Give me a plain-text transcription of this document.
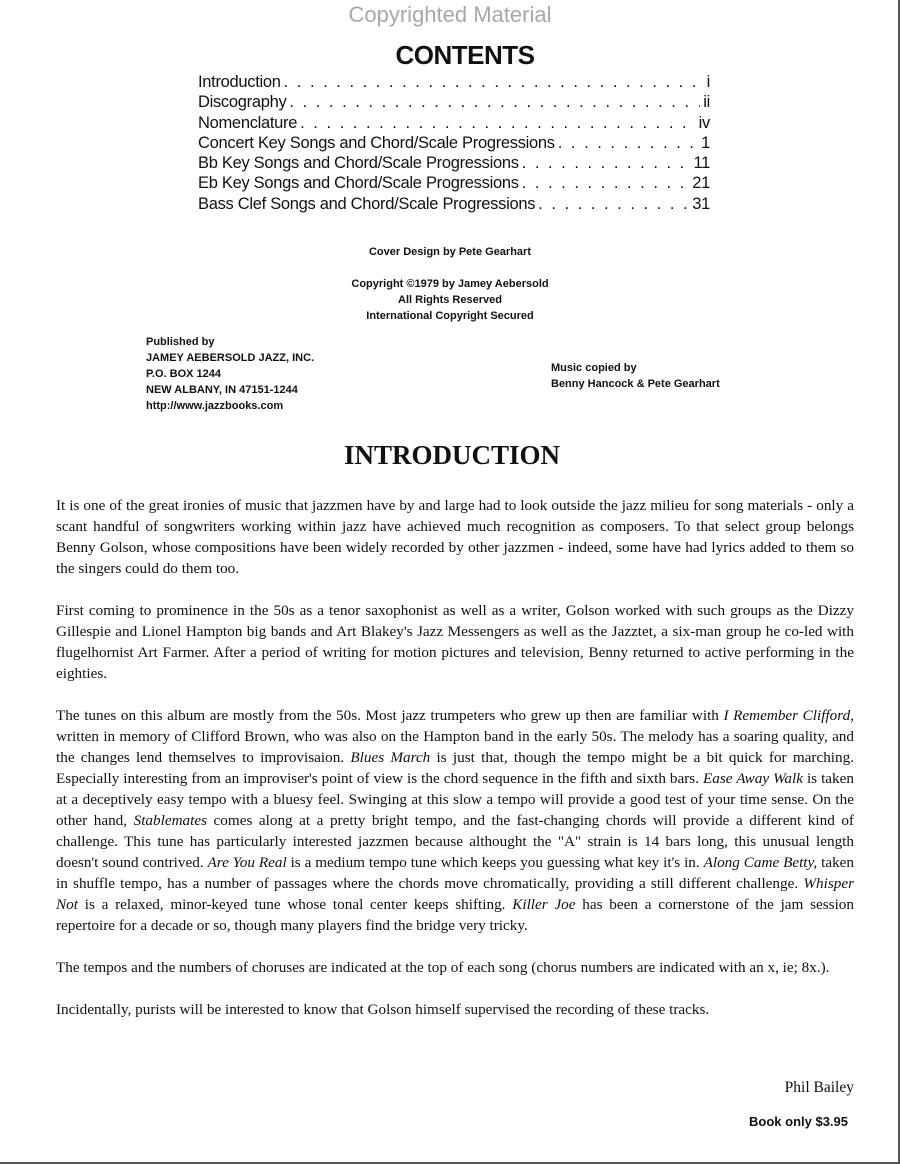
Copyrighted Material
CONTENTS
Introduction . . .	i
Discography . . .	ii
Nomenclature . . .	iv
Concert Key Songs and Chord/Scale Progressions . . .	1
Bb Key Songs and Chord/Scale Progressions . . .	11
Eb Key Songs and Chord/Scale Progressions . . .	21
Bass Clef Songs and Chord/Scale Progressions . . .	31
Cover Design by Pete Gearhart
Copyright ©1979 by Jamey Aebersold
All Rights Reserved
International Copyright Secured
Published by
JAMEY AEBERSOLD JAZZ, INC.
P.O. BOX 1244
NEW ALBANY, IN 47151-1244
http://www.jazzbooks.com
Music copied by
Benny Hancock & Pete Gearhart
INTRODUCTION

It is one of the great ironies of music that jazzmen have by and large had to look outside the jazz milieu for song materials - only a scant handful of songwriters working within jazz have achieved much recognition as composers. To that select group belongs Benny Golson, whose compositions have been widely recorded by other jazzmen - indeed, some have had lyrics added to them so the singers could do them too.

First coming to prominence in the 50s as a tenor saxophonist as well as a writer, Golson worked with such groups as the Dizzy Gillespie and Lionel Hampton big bands and Art Blakey's Jazz Messengers as well as the Jazztet, a six-man group he co-led with flugelhornist Art Farmer. After a period of writing for motion pictures and television, Benny returned to active performing in the eighties.

The tunes on this album are mostly from the 50s. Most jazz trumpeters who grew up then are familiar with I Remember Clifford, written in memory of Clifford Brown, who was also on the Hampton band in the early 50s. The melody has a soaring quality, and the changes lend themselves to improvisaion. Blues March is just that, though the tempo might be a bit quick for marching. Especially interesting from an improviser's point of view is the chord sequence in the fifth and sixth bars. Ease Away Walk is taken at a deceptively easy tempo with a bluesy feel. Swinging at this slow a tempo will provide a good test of your time sense. On the other hand, Stablemates comes along at a pretty bright tempo, and the fast-changing chords will provide a different kind of challenge. This tune has particularly interested jazzmen because althought the "A" strain is 14 bars long, this unusual length doesn't sound contrived. Are You Real is a medium tempo tune which keeps you guessing what key it's in. Along Came Betty, taken in shuffle tempo, has a number of passages where the chords move chromatically, providing a still different challenge. Whisper Not is a relaxed, minor-keyed tune whose tonal center keeps shifting. Killer Joe has been a cornerstone of the jam session repertoire for a decade or so, though many players find the bridge very tricky.

The tempos and the numbers of choruses are indicated at the top of each song (chorus numbers are indicated with an x, ie; 8x.).

Incidentally, purists will be interested to know that Golson himself supervised the recording of these tracks.

Phil Bailey
Book only $3.95
